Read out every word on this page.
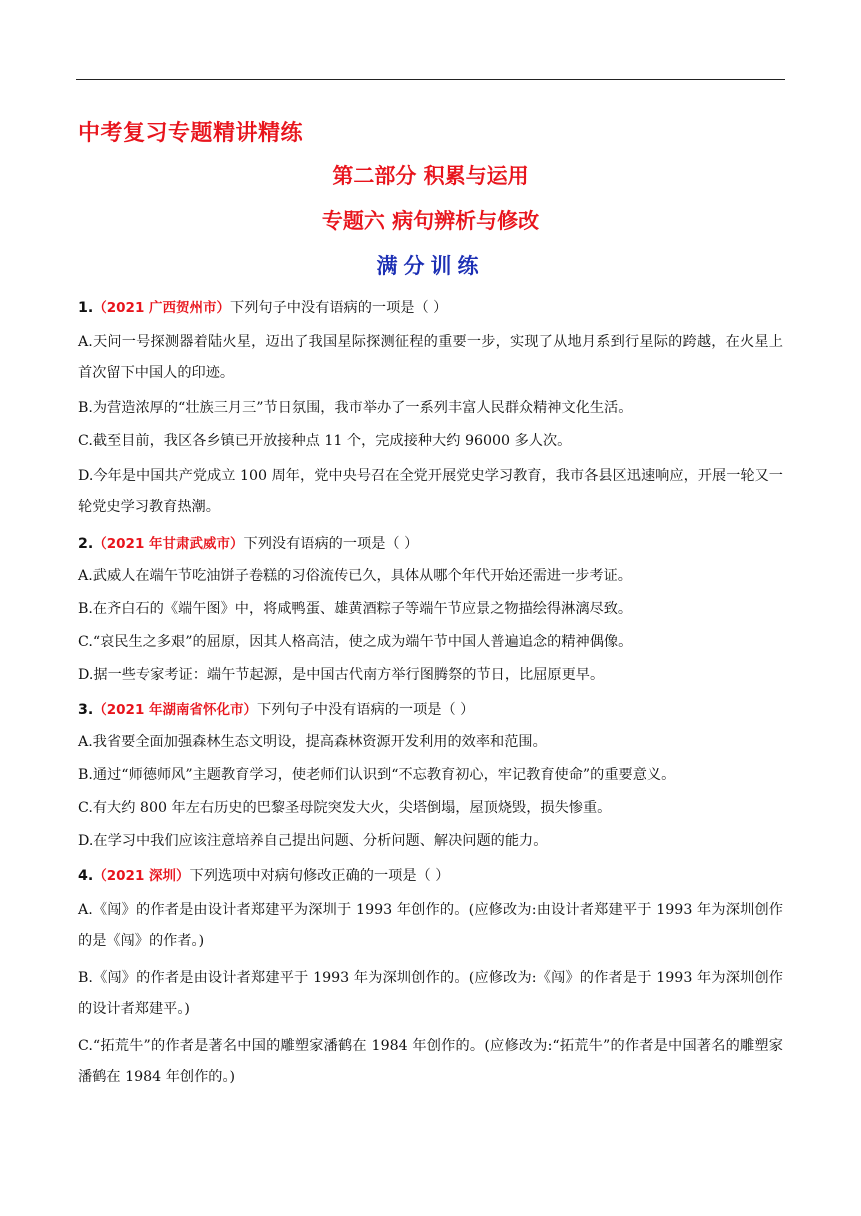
中考复习专题精讲精练
第二部分 积累与运用
专题六 病句辨析与修改
满分训练

1.（2021 广西贺州市）下列句子中没有语病的一项是（ ）

A.天问一号探测器着陆火星，迈出了我国星际探测征程的重要一步，实现了从地月系到行星际的跨越，在火星上首次留下中国人的印迹。

B.为营造浓厚的“壮族三月三”节日氛围，我市举办了一系列丰富人民群众精神文化生活。

C.截至目前，我区各乡镇已开放接种点 11 个，完成接种大约 96000 多人次。

D.今年是中国共产党成立 100 周年，党中央号召在全党开展党史学习教育，我市各县区迅速响应，开展一轮又一轮党史学习教育热潮。

2.（2021 年甘肃武威市）下列没有语病的一项是（ ）

A.武威人在端午节吃油饼子卷糕的习俗流传已久，具体从哪个年代开始还需进一步考证。

B.在齐白石的《端午图》中，将咸鸭蛋、雄黄酒粽子等端午节应景之物描绘得淋漓尽致。

C.“哀民生之多艰”的屈原，因其人格高洁，使之成为端午节中国人普遍追念的精神偶像。

D.据一些专家考证：端午节起源，是中国古代南方举行图腾祭的节日，比屈原更早。

3.（2021 年湖南省怀化市）下列句子中没有语病的一项是（ ）

A.我省要全面加强森林生态文明设，提高森林资源开发利用的效率和范围。

B.通过“师德师风”主题教育学习，使老师们认识到“不忘教育初心，牢记教育使命”的重要意义。

C.有大约 800 年左右历史的巴黎圣母院突发大火，尖塔倒塌，屋顶烧毁，损失惨重。

D.在学习中我们应该注意培养自己提出问题、分析问题、解决问题的能力。

4.（2021 深圳）下列选项中对病句修改正确的一项是（ ）

A.《闯》的作者是由设计者郑建平为深圳于 1993 年创作的。(应修改为:由设计者郑建平于 1993 年为深圳创作的是《闯》的作者。)

B.《闯》的作者是由设计者郑建平于 1993 年为深圳创作的。(应修改为:《闯》的作者是于 1993 年为深圳创作的设计者郑建平。)

C.“拓荒牛”的作者是著名中国的雕塑家潘鹤在 1984 年创作的。(应修改为:“拓荒牛”的作者是中国著名的雕塑家潘鹤在 1984 年创作的。)
